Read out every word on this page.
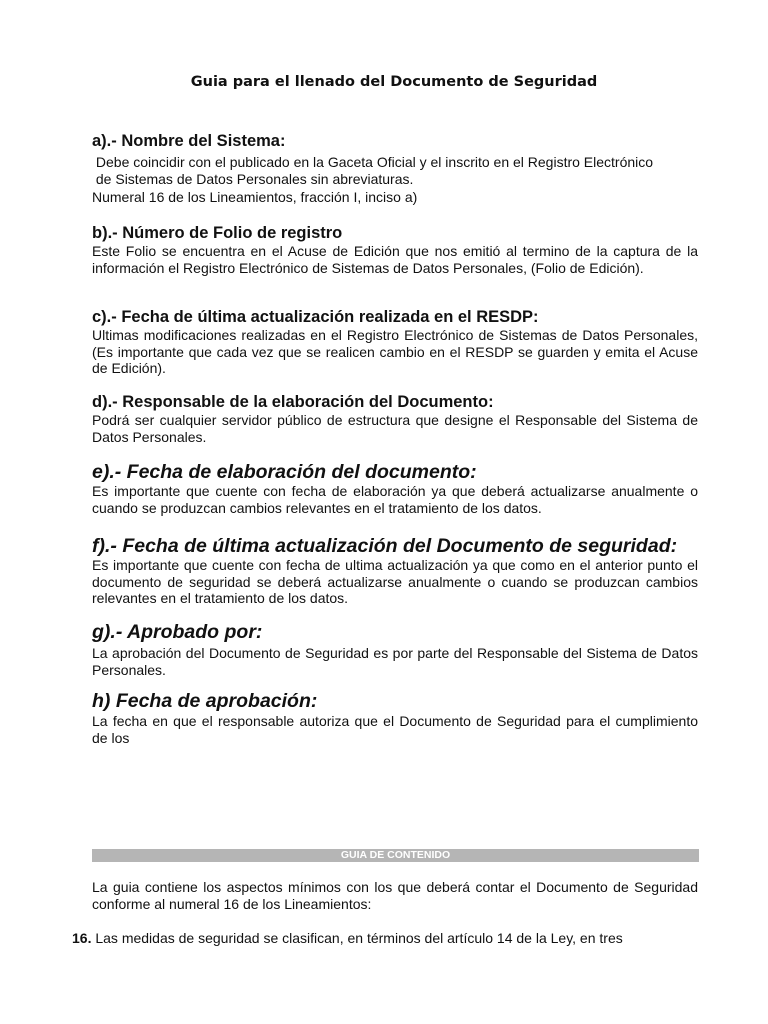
Guia para el llenado del Documento de Seguridad
a).- Nombre del Sistema:
Debe coincidir con el publicado en la Gaceta Oficial y el inscrito en el Registro Electrónico
de Sistemas de Datos Personales sin abreviaturas.
Numeral 16 de los Lineamientos, fracción I, inciso a)
b).- Número de Folio de registro

Este Folio se encuentra en el Acuse de Edición que nos emitió al termino de la captura de la información el Registro Electrónico de Sistemas de Datos Personales, (Folio de Edición).

c).- Fecha de última actualización realizada en el RESDP:

Ultimas modificaciones realizadas en el Registro Electrónico de Sistemas de Datos Personales, (Es importante que cada vez que se realicen cambio en el RESDP se guarden y emita el Acuse de Edición).

d).- Responsable de la elaboración del Documento:

Podrá ser cualquier servidor público de estructura que designe el Responsable del Sistema de Datos Personales.

e).- Fecha de elaboración del documento:

Es importante que cuente con fecha de elaboración ya que deberá actualizarse anualmente o cuando se produzcan cambios relevantes en el tratamiento de los datos.

f).- Fecha de última actualización del Documento de seguridad:

Es importante que cuente con fecha de ultima actualización ya que como en el anterior punto el documento de seguridad se deberá actualizarse anualmente o cuando se produzcan cambios relevantes en el tratamiento de los datos.

g).- Aprobado por:

La aprobación del Documento de Seguridad es por parte del Responsable del Sistema de Datos Personales.

h) Fecha de aprobación:

La fecha en que el responsable autoriza que el Documento de Seguridad para el cumplimiento de los

GUIA DE CONTENIDO

La guia contiene los aspectos mínimos con los que deberá contar el Documento de Seguridad conforme al numeral 16 de los Lineamientos:

16. Las medidas de seguridad se clasifican, en términos del artículo 14 de la Ley, en tres
